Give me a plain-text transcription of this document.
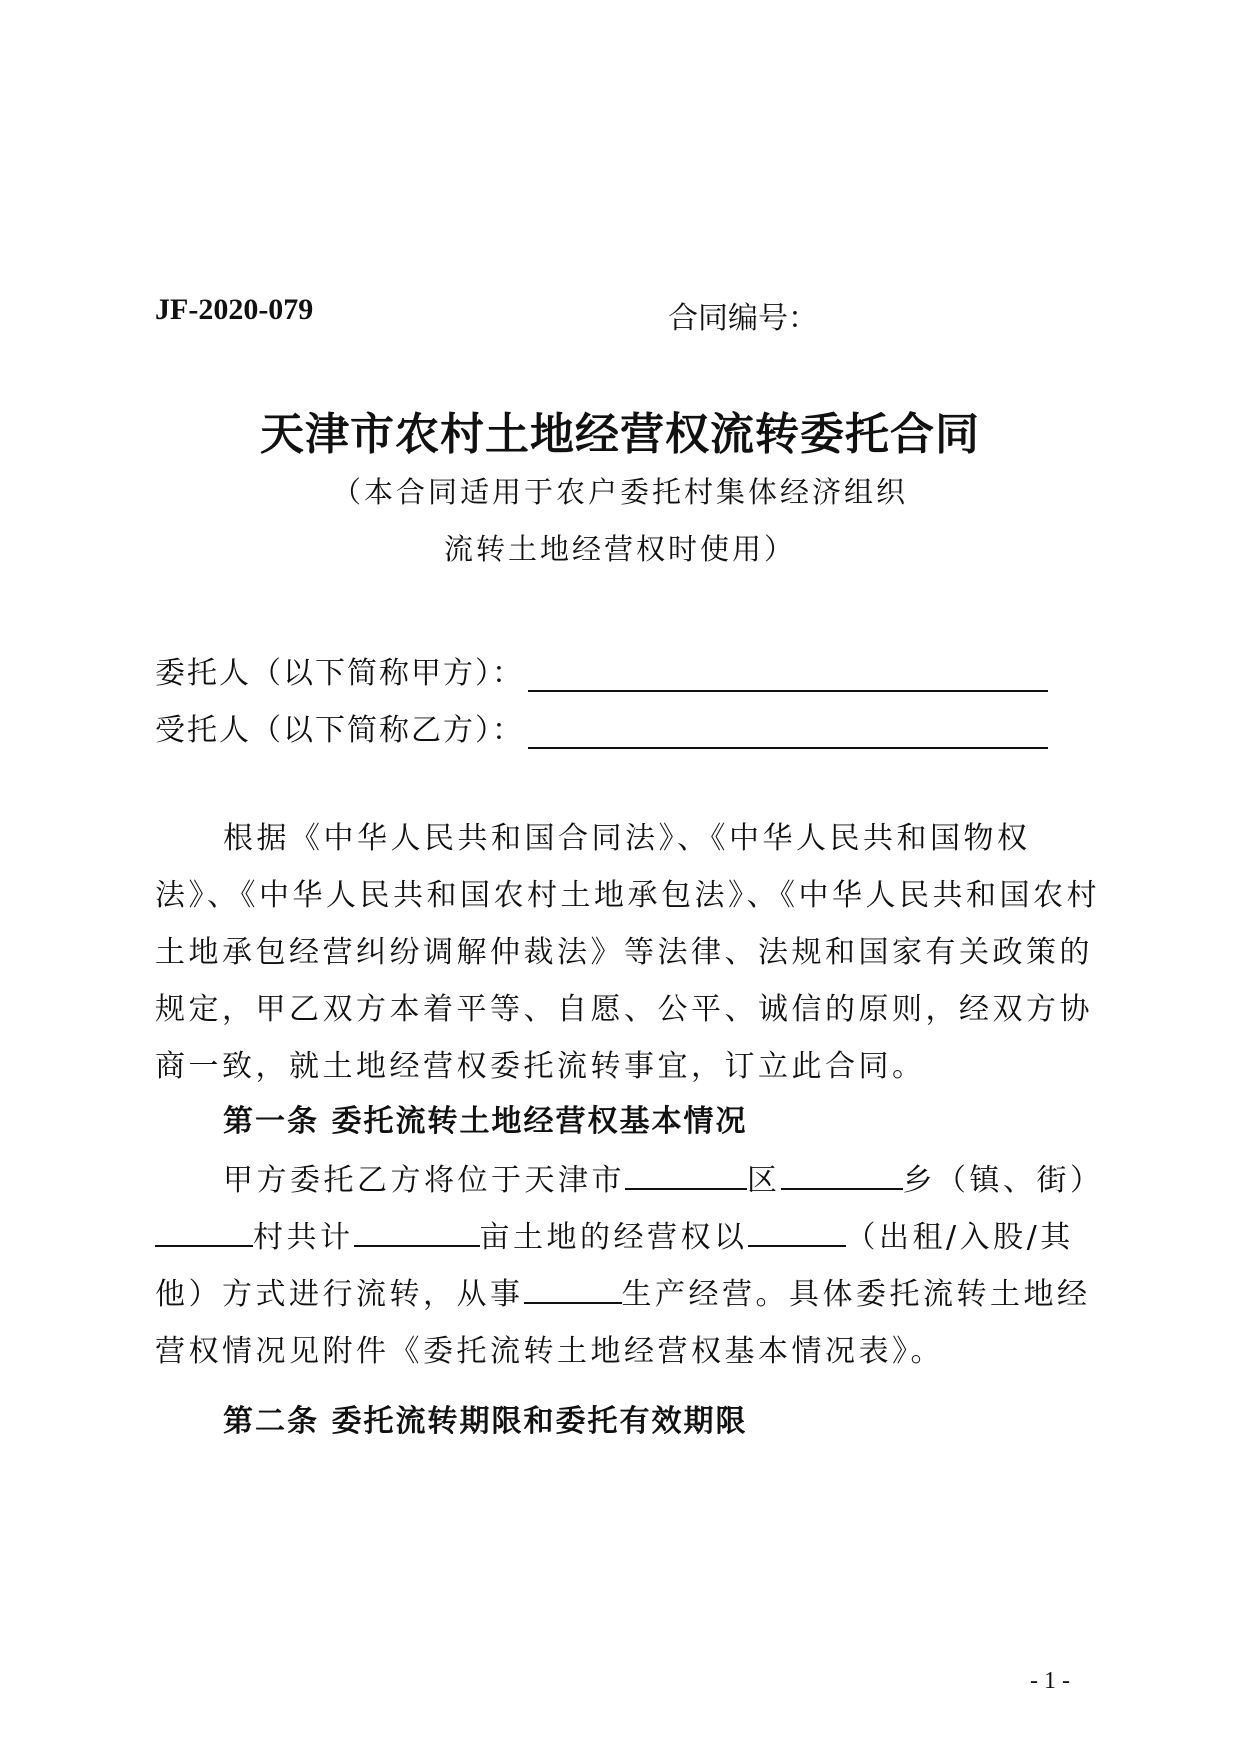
JF-2020-079	合同编号：
天津市农村土地经营权流转委托合同
（本合同适用于农户委托村集体经济组织
流转土地经营权时使用）
委托人（以下简称甲方）：
受托人（以下简称乙方）：
根据《中华人民共和国合同法》、《中华人民共和国物权法》、《中华人民共和国农村土地承包法》、《中华人民共和国农村土地承包经营纠纷调解仲裁法》等法律、法规和国家有关政策的规定，甲乙双方本着平等、自愿、公平、诚信的原则，经双方协商一致，就土地经营权委托流转事宜，订立此合同。
第一条 委托流转土地经营权基本情况
甲方委托乙方将位于天津市	区	乡（镇、街）村共计	亩土地的经营权以	（出租/入股/其他）方式进行流转，从事	生产经营。具体委托流转土地经营权情况见附件《委托流转土地经营权基本情况表》。
第二条 委托流转期限和委托有效期限
- 1 -
